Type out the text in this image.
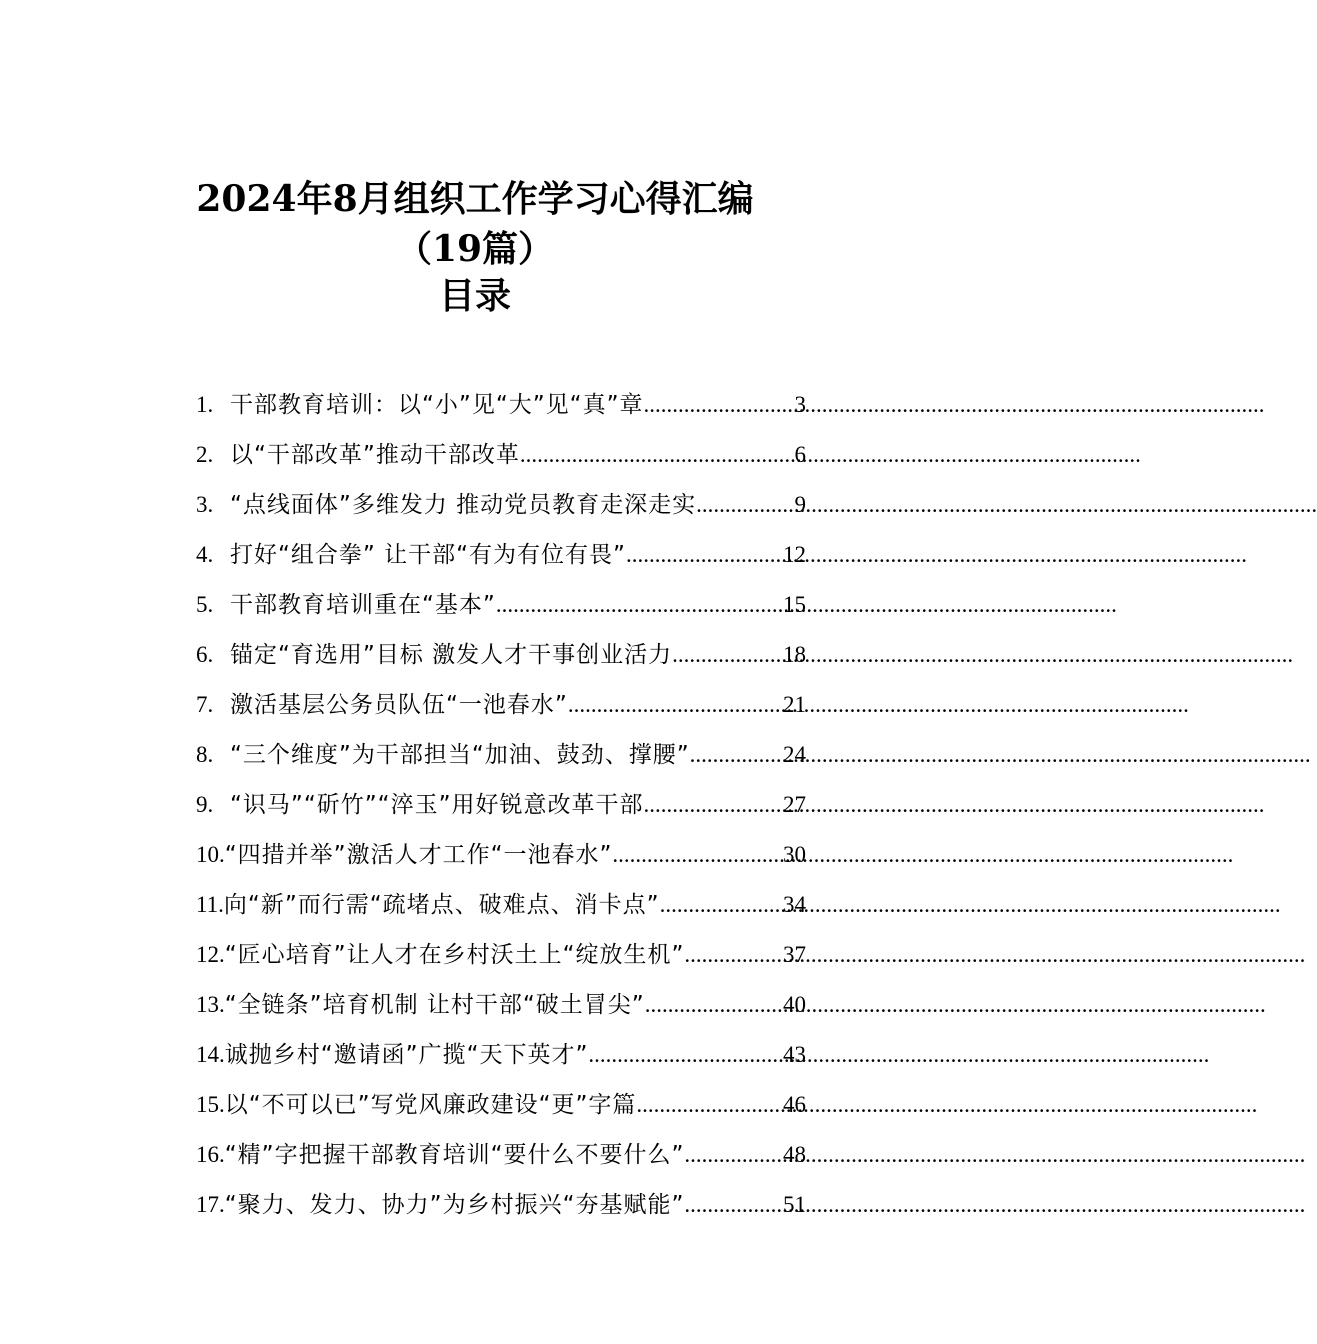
2024年8月组织工作学习心得汇编
（19篇）
目录
1. 干部教育培训：以“小”见“大”见“真”章 .....	3
2. 以“干部改革”推动干部改革 .....	6
3. “点线面体”多维发力 推动党员教育走深走实 .....	9
4. 打好“组合拳” 让干部“有为有位有畏” .....	12
5. 干部教育培训重在“基本” .....	15
6. 锚定“育选用”目标 激发人才干事创业活力 .....	18
7. 激活基层公务员队伍“一池春水” .....	21
8. “三个维度”为干部担当“加油、鼓劲、撑腰” .....	24
9. “识马”“斫竹”“淬玉”用好锐意改革干部 .....	27
10. “四措并举”激活人才工作“一池春水” .....	30
11. 向“新”而行需“疏堵点、破难点、消卡点” .....	34
12. “匠心培育”让人才在乡村沃土上“绽放生机” .....	37
13. “全链条”培育机制 让村干部“破土冒尖” .....	40
14. 诚抛乡村“邀请函”广揽“天下英才” .....	43
15. 以“不可以已”写党风廉政建设“更”字篇 .....	46
16. “精”字把握干部教育培训“要什么不要什么” .....	48
17. “聚力、发力、协力”为乡村振兴“夯基赋能” .....	51
